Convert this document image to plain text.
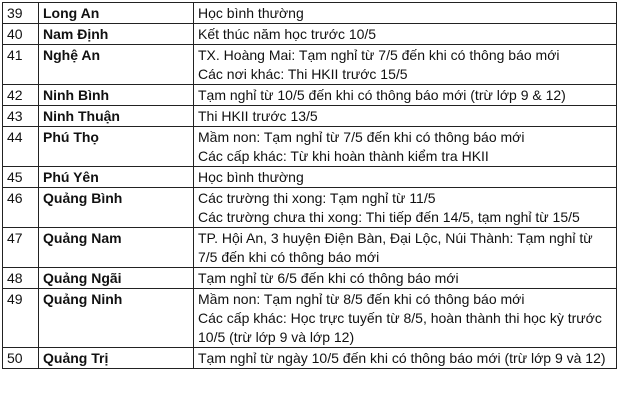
39	Long An	Học bình thường

40	Nam Định	Kết thúc năm học trước 10/5

41	Nghệ An	TX. Hoàng Mai: Tạm nghỉ từ 7/5 đến khi có thông báo mới
Các nơi khác: Thi HKII trước 15/5

42	Ninh Bình	Tạm nghỉ từ 10/5 đến khi có thông báo mới (trừ lớp 9 & 12)

43	Ninh Thuận	Thi HKII trước 13/5

44	Phú Thọ	Mầm non: Tạm nghỉ từ 7/5 đến khi có thông báo mới
Các cấp khác: Từ khi hoàn thành kiểm tra HKII

45	Phú Yên	Học bình thường

46	Quảng Bình	Các trường thi xong: Tạm nghỉ từ 11/5
Các trường chưa thi xong: Thi tiếp đến 14/5, tạm nghỉ từ 15/5

47	Quảng Nam	TP. Hội An, 3 huyện Điện Bàn, Đại Lộc, Núi Thành: Tạm nghỉ từ 7/5 đến khi có thông báo mới

48	Quảng Ngãi	Tạm nghỉ từ 6/5 đến khi có thông báo mới

49	Quảng Ninh	Mầm non: Tạm nghỉ từ 8/5 đến khi có thông báo mới
Các cấp khác: Học trực tuyến từ 8/5, hoàn thành thi học kỳ trước 10/5 (trừ lớp 9 và lớp 12)

50	Quảng Trị	Tạm nghỉ từ ngày 10/5 đến khi có thông báo mới (trừ lớp 9 và 12)
